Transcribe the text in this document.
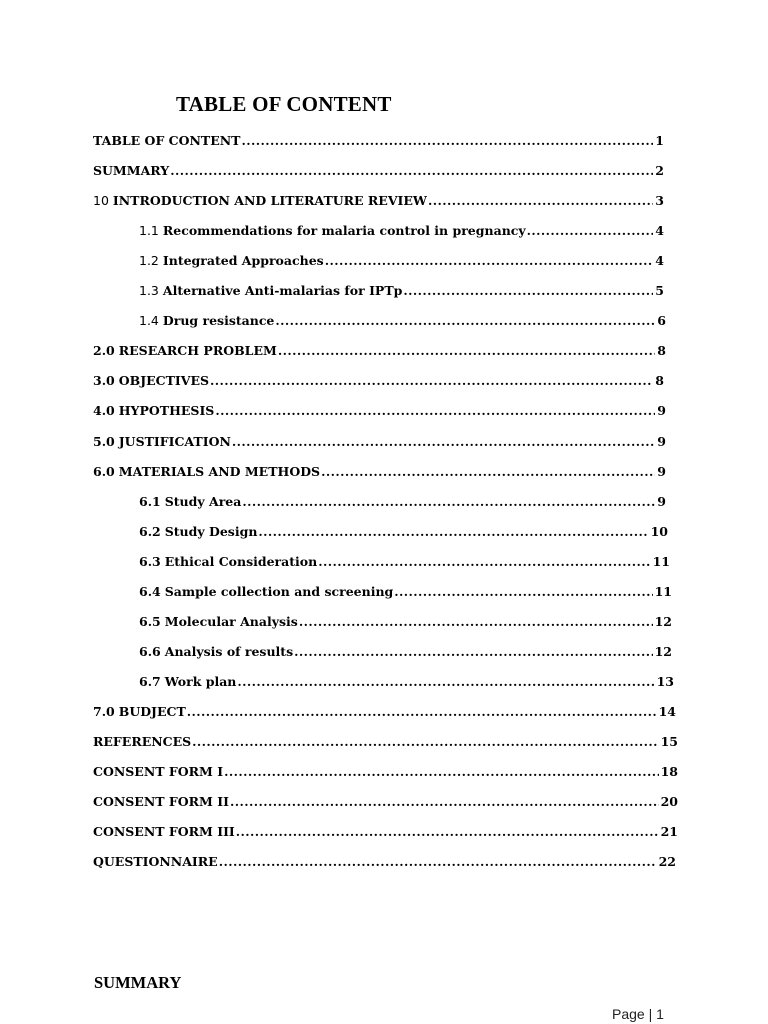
TABLE OF CONTENT
TABLE OF CONTENT .....	1
SUMMARY .....	2
10 INTRODUCTION AND LITERATURE REVIEW .....	3
1.1 Recommendations for malaria control in pregnancy .....	4
1.2 Integrated Approaches .....	4
1.3 Alternative Anti-malarias for IPTp .....	5
1.4 Drug resistance .....	6
2.0 RESEARCH PROBLEM .....	8
3.0 OBJECTIVES .....	8
4.0 HYPOTHESIS .....	9
5.0 JUSTIFICATION .....	9
6.0 MATERIALS AND METHODS .....	9
6.1 Study Area .....	9
6.2 Study Design .....	10
6.3 Ethical Consideration .....	11
6.4 Sample collection and screening .....	11
6.5 Molecular Analysis .....	12
6.6 Analysis of results .....	12
6.7 Work plan .....	13
7.0 BUDJECT .....	14
REFERENCES .....	15
CONSENT FORM I .....	18
CONSENT FORM II .....	20
CONSENT FORM III .....	21
QUESTIONNAIRE .....	22
SUMMARY
Page | 1
